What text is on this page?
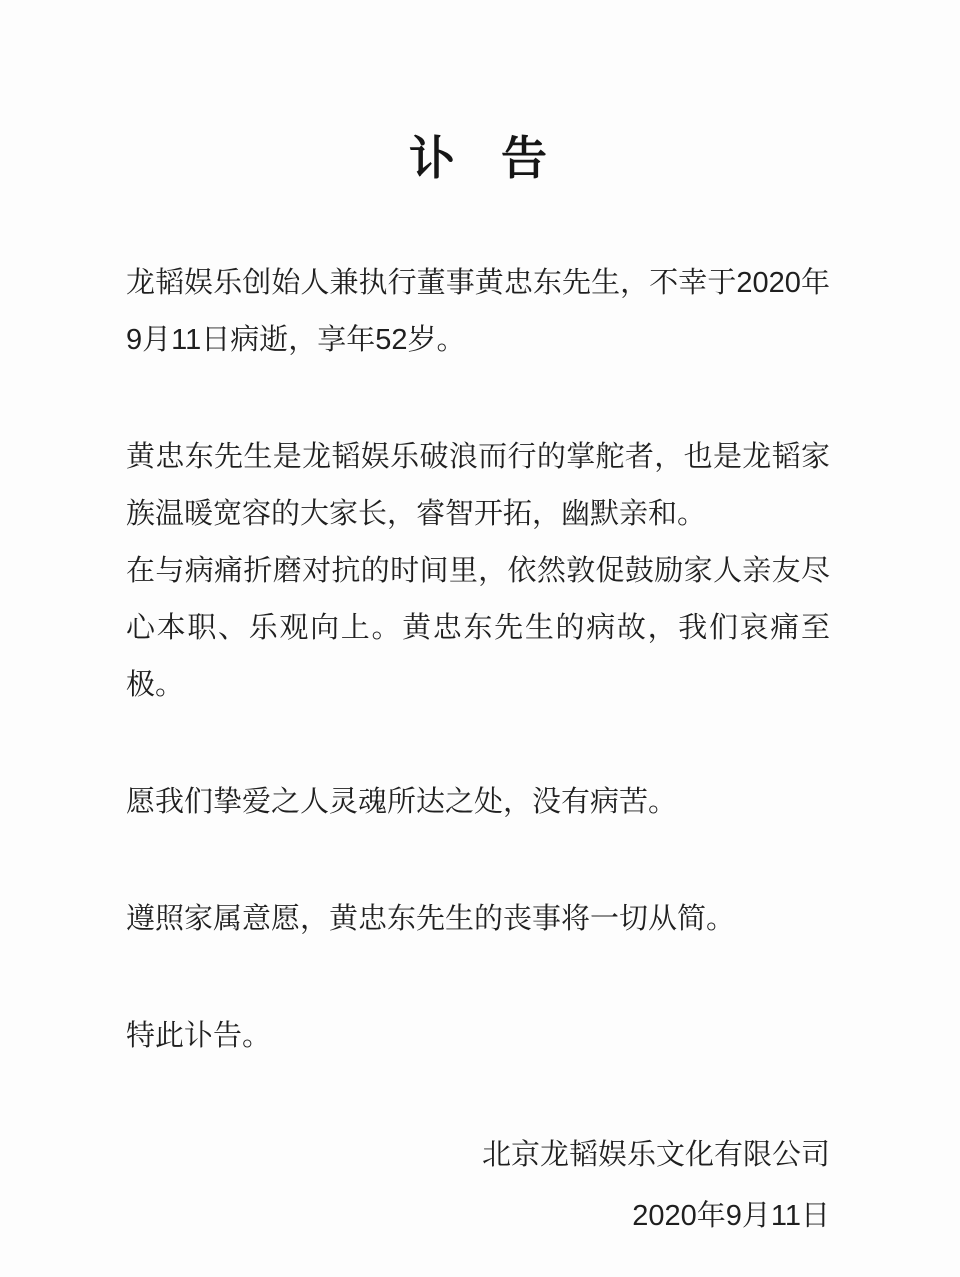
讣　告

龙韬娱乐创始人兼执行董事黄忠东先生，不幸于2020年9月11日病逝，享年52岁。

黄忠东先生是龙韬娱乐破浪而行的掌舵者，也是龙韬家族温暖宽容的大家长，睿智开拓，幽默亲和。

在与病痛折磨对抗的时间里，依然敦促鼓励家人亲友尽心本职、乐观向上。黄忠东先生的病故，我们哀痛至极。

愿我们挚爱之人灵魂所达之处，没有病苦。

遵照家属意愿，黄忠东先生的丧事将一切从简。

特此讣告。

北京龙韬娱乐文化有限公司
2020年9月11日
